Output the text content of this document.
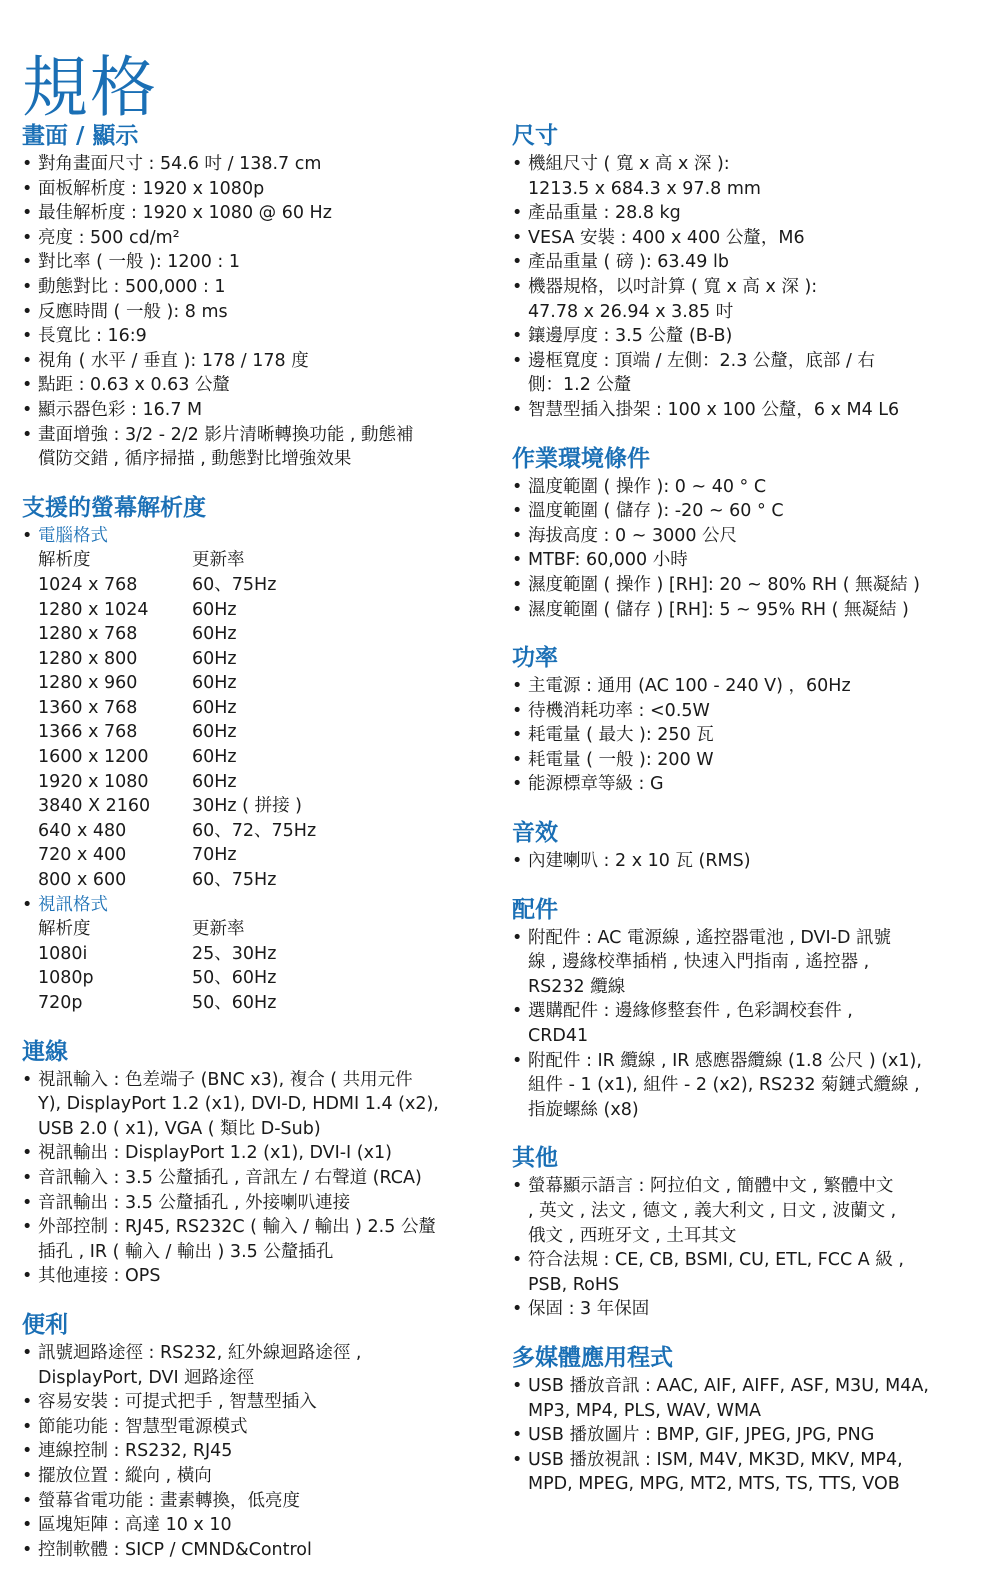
規格
畫面 / 顯示
• 對角畫面尺寸 : 54.6 吋 / 138.7 cm
• 面板解析度 : 1920 x 1080p
• 最佳解析度 : 1920 x 1080 @ 60 Hz
• 亮度 : 500 cd/m²
• 對比率 ( 一般 ): 1200 : 1
• 動態對比 : 500,000 : 1
• 反應時間 ( 一般 ): 8 ms
• 長寬比 : 16:9
• 視角 ( 水平 / 垂直 ): 178 / 178 度
• 點距 : 0.63 x 0.63 公釐
• 顯示器色彩 : 16.7 M
• 畫面增強 : 3/2 - 2/2 影片清晰轉換功能 , 動態補
償防交錯 , 循序掃描 , 動態對比增強效果
支援的螢幕解析度
• 電腦格式
解析度	更新率
1024 x 768	60、75Hz
1280 x 1024	60Hz
1280 x 768	60Hz
1280 x 800	60Hz
1280 x 960	60Hz
1360 x 768	60Hz
1366 x 768	60Hz
1600 x 1200	60Hz
1920 x 1080	60Hz
3840 X 2160	30Hz ( 拼接 )
640 x 480	60、72、75Hz
720 x 400	70Hz
800 x 600	60、75Hz
• 視訊格式
解析度	更新率
1080i	25、30Hz
1080p	50、60Hz
720p	50、60Hz
連線
• 視訊輸入 : 色差端子 (BNC x3), 複合 ( 共用元件
Y), DisplayPort 1.2 (x1), DVI-D, HDMI 1.4 (x2),
USB 2.0 ( x1), VGA ( 類比 D-Sub)
• 視訊輸出 : DisplayPort 1.2 (x1), DVI-I (x1)
• 音訊輸入 : 3.5 公釐插孔 , 音訊左 / 右聲道 (RCA)
• 音訊輸出 : 3.5 公釐插孔 , 外接喇叭連接
• 外部控制 : RJ45, RS232C ( 輸入 / 輸出 ) 2.5 公釐
插孔 , IR ( 輸入 / 輸出 ) 3.5 公釐插孔
• 其他連接 : OPS
便利
• 訊號迴路途徑 : RS232, 紅外線迴路途徑 ,
DisplayPort, DVI 迴路途徑
• 容易安裝 : 可提式把手 , 智慧型插入
• 節能功能 : 智慧型電源模式
• 連線控制 : RS232, RJ45
• 擺放位置 : 縱向 , 橫向
• 螢幕省電功能 : 畫素轉換，低亮度
• 區塊矩陣 : 高達 10 x 10
• 控制軟體 : SICP / CMND&Control
尺寸
• 機組尺寸 ( 寬 x 高 x 深 ):
1213.5 x 684.3 x 97.8 mm
• 產品重量 : 28.8 kg
• VESA 安裝 : 400 x 400 公釐，M6
• 產品重量 ( 磅 ): 63.49 lb
• 機器規格，以吋計算 ( 寬 x 高 x 深 ):
47.78 x 26.94 x 3.85 吋
• 鑲邊厚度 : 3.5 公釐 (B-B)
• 邊框寬度 : 頂端 / 左側：2.3 公釐，底部 / 右
側：1.2 公釐
• 智慧型插入掛架 : 100 x 100 公釐，6 x M4 L6
作業環境條件
• 溫度範圍 ( 操作 ): 0 ~ 40 ° C
• 溫度範圍 ( 儲存 ): -20 ~ 60 ° C
• 海拔高度 : 0 ~ 3000 公尺
• MTBF: 60,000 小時
• 濕度範圍 ( 操作 ) [RH]: 20 ~ 80% RH ( 無凝結 )
• 濕度範圍 ( 儲存 ) [RH]: 5 ~ 95% RH ( 無凝結 )
功率
• 主電源 : 通用 (AC 100 - 240 V) ，60Hz
• 待機消耗功率 : <0.5W
• 耗電量 ( 最大 ): 250 瓦
• 耗電量 ( 一般 ): 200 W
• 能源標章等級 : G
音效
• 內建喇叭 : 2 x 10 瓦 (RMS)
配件
• 附配件 : AC 電源線 , 遙控器電池 , DVI-D 訊號
線 , 邊緣校準插梢 , 快速入門指南 , 遙控器 ,
RS232 纜線
• 選購配件 : 邊緣修整套件 , 色彩調校套件 ,
CRD41
• 附配件 : IR 纜線 , IR 感應器纜線 (1.8 公尺 ) (x1),
組件 - 1 (x1), 組件 - 2 (x2), RS232 菊鏈式纜線 ,
指旋螺絲 (x8)
其他
• 螢幕顯示語言 : 阿拉伯文 , 簡體中文 , 繁體中文
, 英文 , 法文 , 德文 , 義大利文 , 日文 , 波蘭文 ,
俄文 , 西班牙文 , 土耳其文
• 符合法規 : CE, CB, BSMI, CU, ETL, FCC A 級 ,
PSB, RoHS
• 保固 : 3 年保固
多媒體應用程式
• USB 播放音訊 : AAC, AIF, AIFF, ASF, M3U, M4A,
MP3, MP4, PLS, WAV, WMA
• USB 播放圖片 : BMP, GIF, JPEG, JPG, PNG
• USB 播放視訊 : ISM, M4V, MK3D, MKV, MP4,
MPD, MPEG, MPG, MT2, MTS, TS, TTS, VOB
